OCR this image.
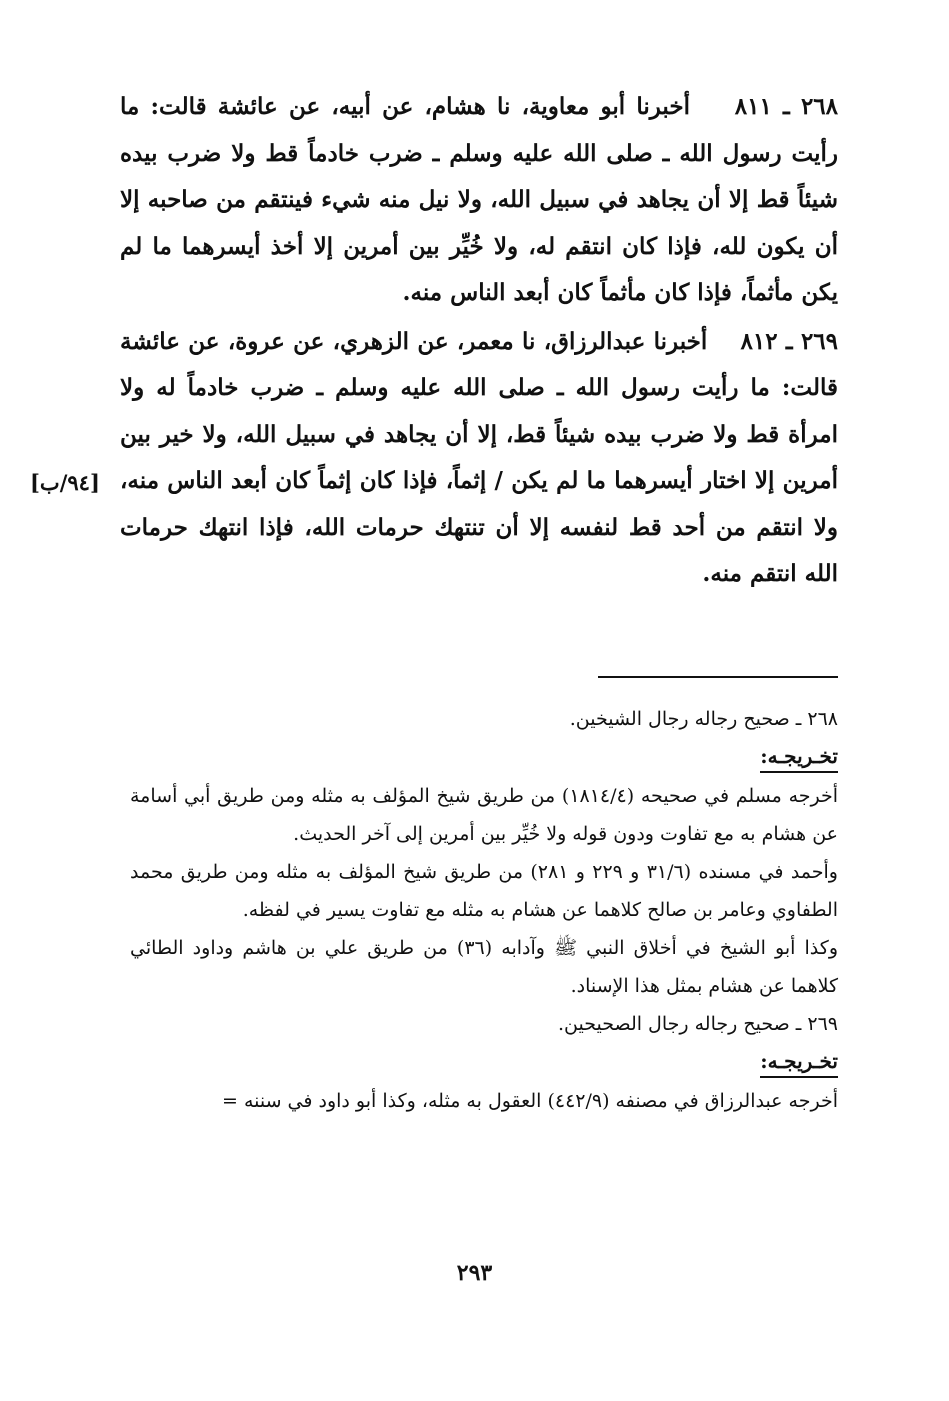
٢٦٨ ـ ٨١١    أخبرنا أبو معاوية، نا هشام، عن أبيه، عن عائشة قالت: ما رأيت رسول الله ـ صلى الله عليه وسلم ـ ضرب خادماً قط ولا ضرب بيده شيئاً قط إلا أن يجاهد في سبيل الله، ولا نيل منه شيء فينتقم من صاحبه إلا أن يكون لله، فإذا كان انتقم له، ولا خُيِّر بين أمرين إلا أخذ أيسرهما ما لم يكن مأثماً، فإذا كان مأثماً كان أبعد الناس منه.

٢٦٩ ـ ٨١٢    أخبرنا عبدالرزاق، نا معمر، عن الزهري، عن عروة، عن عائشة قالت: ما رأيت رسول الله ـ صلى الله عليه وسلم ـ ضرب خادماً له ولا امرأة قط ولا ضرب بيده شيئاً قط، إلا أن يجاهد في سبيل الله، ولا خير بين أمرين إلا اختار أيسرهما ما لم يكن / إثماً، فإذا كان إثماً كان أبعد الناس منه، ولا انتقم من أحد قط لنفسه إلا أن تنتهك حرمات الله، فإذا انتهك حرمات الله انتقم منه.

[٩٤/ب]

٢٦٨ ـ صحيح رجاله رجال الشيخين.

تخـريجـه:

أخرجه مسلم في صحيحه (١٨١٤/٤) من طريق شيخ المؤلف به مثله ومن طريق أبي أسامة عن هشام به مع تفاوت ودون قوله ولا خُيِّر بين أمرين إلى آخر الحديث.

وأحمد في مسنده (٣١/٦ و ٢٢٩ و ٢٨١) من طريق شيخ المؤلف به مثله ومن طريق محمد الطفاوي وعامر بن صالح كلاهما عن هشام به مثله مع تفاوت يسير في لفظه.

وكذا أبو الشيخ في أخلاق النبي ﷺ وآدابه (٣٦) من طريق علي بن هاشم وداود الطائي كلاهما عن هشام بمثل هذا الإسناد.

٢٦٩ ـ صحيح رجاله رجال الصحيحين.

تخـريجـه:

أخرجه عبدالرزاق في مصنفه (٤٤٢/٩) العقول به مثله، وكذا أبو داود في سننه =

٢٩٣
